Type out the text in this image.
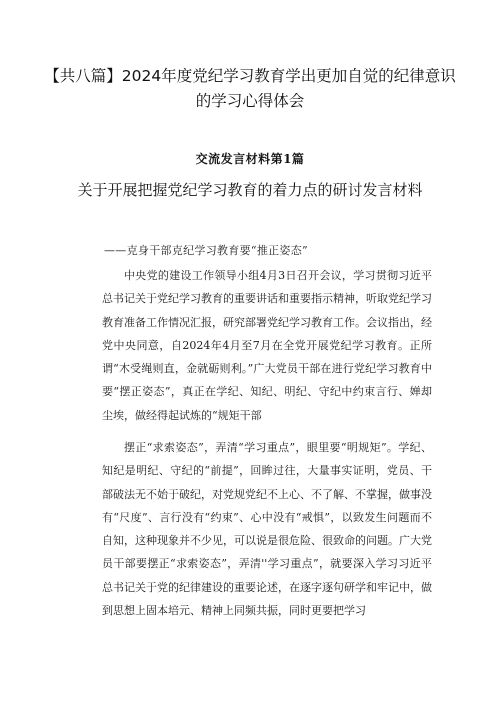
【共八篇】2024年度党纪学习教育学出更加自觉的纪律意识的学习心得体会
交流发言材料第1篇
关于开展把握党纪学习教育的着力点的研讨发言材料
——克身干部克纪学习教育要“推正姿态”

中央党的建设工作领导小组4月3日召开会议，学习贯彻习近平总书记关于党纪学习教育的重要讲话和重要指示精神，听取党纪学习教育准备工作情况汇报，研究部署党纪学习教育工作。会议指出，经党中央同意，自2024年4月至7月在全党开展党纪学习教育。正所谓“木受绳则直，金就砺则利。”广大党员干部在进行党纪学习教育中要“摆正姿态”，真正在学纪、知纪、明纪、守纪中约束言行、婵却尘埃，做经得起试炼的“规矩干部

摆正“求索姿态”，弄清“学习重点”，眼里要“明规矩”。学纪、知纪是明纪、守纪的“前提”，回眸过往，大量事实证明，党员、干部破法无不始于破纪，对党规党纪不上心、不了解、不掌握，做事没有“尺度”、言行没有“约束”、心中没有“戒惧”，以致发生问题而不自知，这种现象并不少见，可以说是很危险、很致命的问题。广大党员干部要摆正“求索姿态”，弄清''学习重点”，就要深入学习习近平总书记关于党的纪律建设的重要论述，在逐字逐句研学和牢记中，做到思想上固本培元、精神上同频共振，同时更要把学习
